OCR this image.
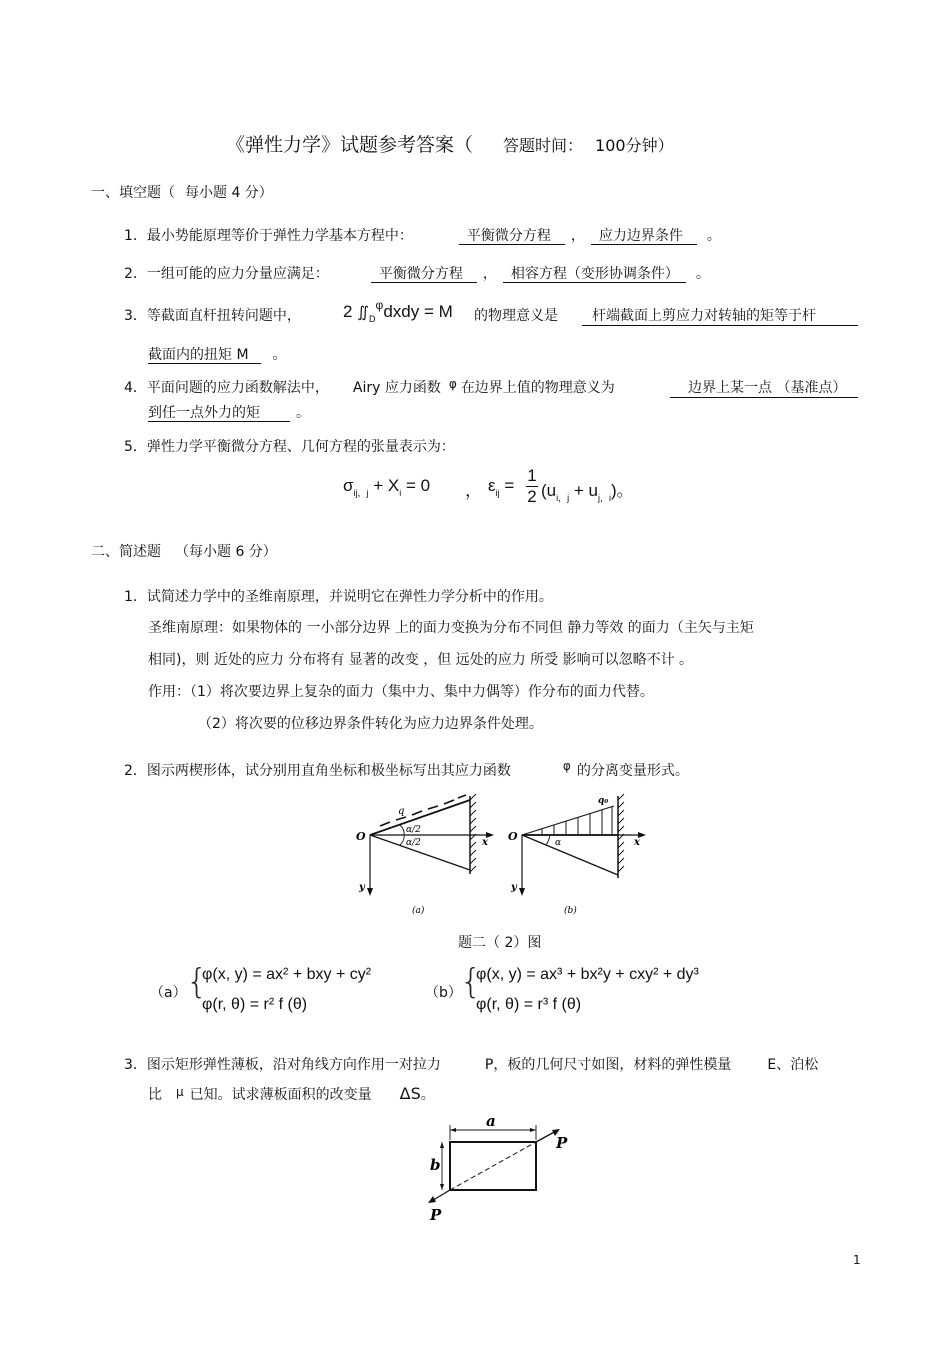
《弹性力学》试题参考答案（ 答题时间： 100分钟）
一、填空题（ 每小题 4 分）
1．最小势能原理等价于弹性力学基本方程中：	平衡微分方程 ， 应力边界条件 。
2．一组可能的应力分量应满足：	平衡微分方程 ， 相容方程（变形协调条件） 。
3．等截面直杆扭转问题中， 2 $∬_D^\varphi dxdy = M$ 的物理意义是	杆端截面上剪应力对转轴的矩等于杆
截面内的扭矩 M 。
4．平面问题的应力函数解法中， Airy 应力函数 φ 在边界上值的物理意义为	边界上某一点 （基准点）
到任一点外力的矩	。
5．弹性力学平衡微分方程、几何方程的张量表示为：
$\sigma_{ij,j} + X_i = 0$ ， $\varepsilon_{ij}$ =
1
2 $(u_{i,j} + u_{j,i})$。
二、简述题 （每小题 6 分）
1．试简述力学中的圣维南原理，并说明它在弹性力学分析中的作用。
圣维南原理：如果物体的 一小部分边界 上的面力变换为分布不同但 静力等效 的面力（主矢与主矩
相同)，则 近处的应力 分布将有 显著的改变 ，但 远处的应力 所受 影响可以忽略不计 。
作用：（1）将次要边界上复杂的面力（集中力、集中力偶等）作分布的面力代替。
（2）将次要的位移边界条件转化为应力边界条件处理。
2．图示两楔形体，试分别用直角坐标和极坐标写出其应力函数	φ 的分离变量形式。
q
α/2
α/2
O	x
y
(a)
q₀
α
O	x
y
(b)
题二（ 2）图
（a） {
φ(x, y) = ax² + bxy + cy²
φ(r, θ) = r² f (θ)
（b）
{
φ(x, y) = ax³ + bx²y + cxy² + dy³
φ(r, θ) = r³ f (θ)
3．图示矩形弹性薄板，沿对角线方向作用一对拉力	P，板的几何尺寸如图，材料的弹性模量	E、泊松
比 μ 已知。试求薄板面积的改变量 ΔS。
a
b
P
P
1
